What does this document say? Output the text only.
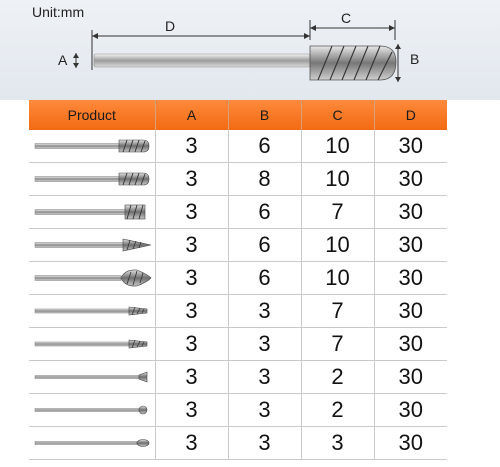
Unit:mm
D	C
A	B
Product	A	B	C	D

	3	6	10	30

	3	8	10	30

	3	6	7	30

	3	6	10	30

	3	6	10	30

	3	3	7	30

	3	3	7	30

	3	3	2	30

	3	3	2	30

	3	3	3	30
